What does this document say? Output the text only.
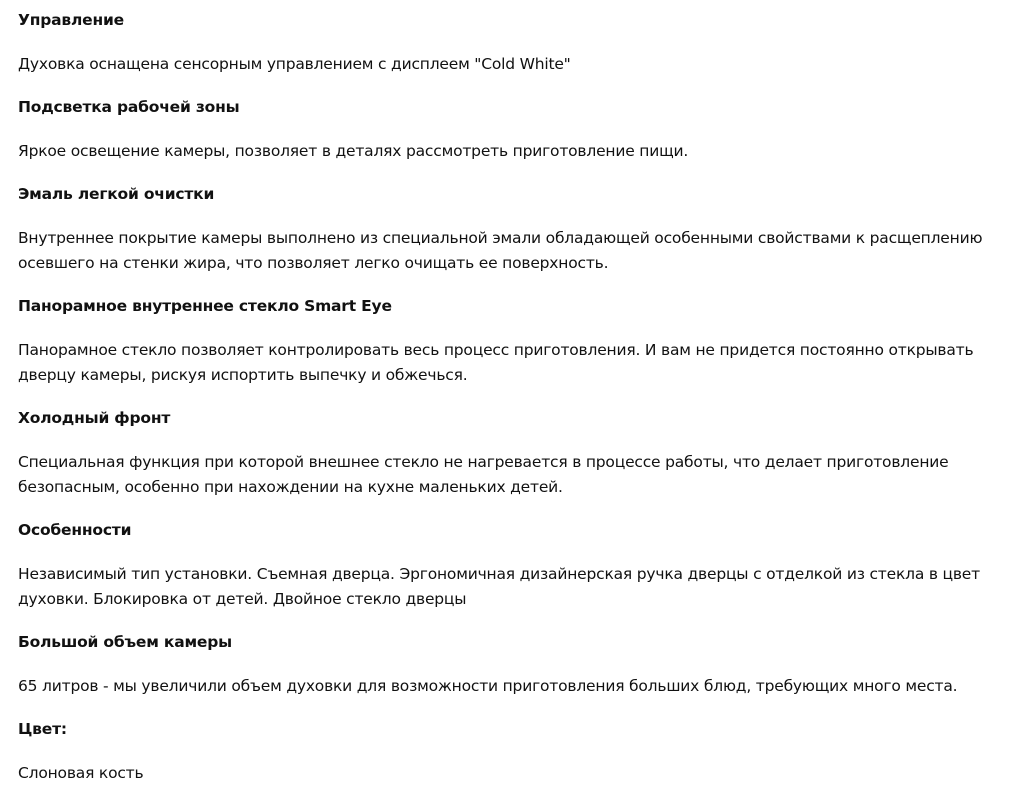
Управление

Духовка оснащена сенсорным управлением с дисплеем "Cold White"

Подсветка рабочей зоны

Яркое освещение камеры, позволяет в деталях рассмотреть приготовление пищи.

Эмаль легкой очистки

Внутреннее покрытие камеры выполнено из специальной эмали обладающей особенными свойствами к расщеплению осевшего на стенки жира, что позволяет легко очищать ее поверхность.

Панорамное внутреннее стекло Smart Eye

Панорамное стекло позволяет контролировать весь процесс приготовления. И вам не придется постоянно открывать дверцу камеры, рискуя испортить выпечку и обжечься.

Холодный фронт

Специальная функция при которой внешнее стекло не нагревается в процессе работы, что делает приготовление безопасным, особенно при нахождении на кухне маленьких детей.

Особенности

Независимый тип установки. Съемная дверца. Эргономичная дизайнерская ручка дверцы с отделкой из стекла в цвет духовки. Блокировка от детей. Двойное стекло дверцы

Большой объем камеры

65 литров - мы увеличили объем духовки для возможности приготовления больших блюд, требующих много места.

Цвет:

Слоновая кость
